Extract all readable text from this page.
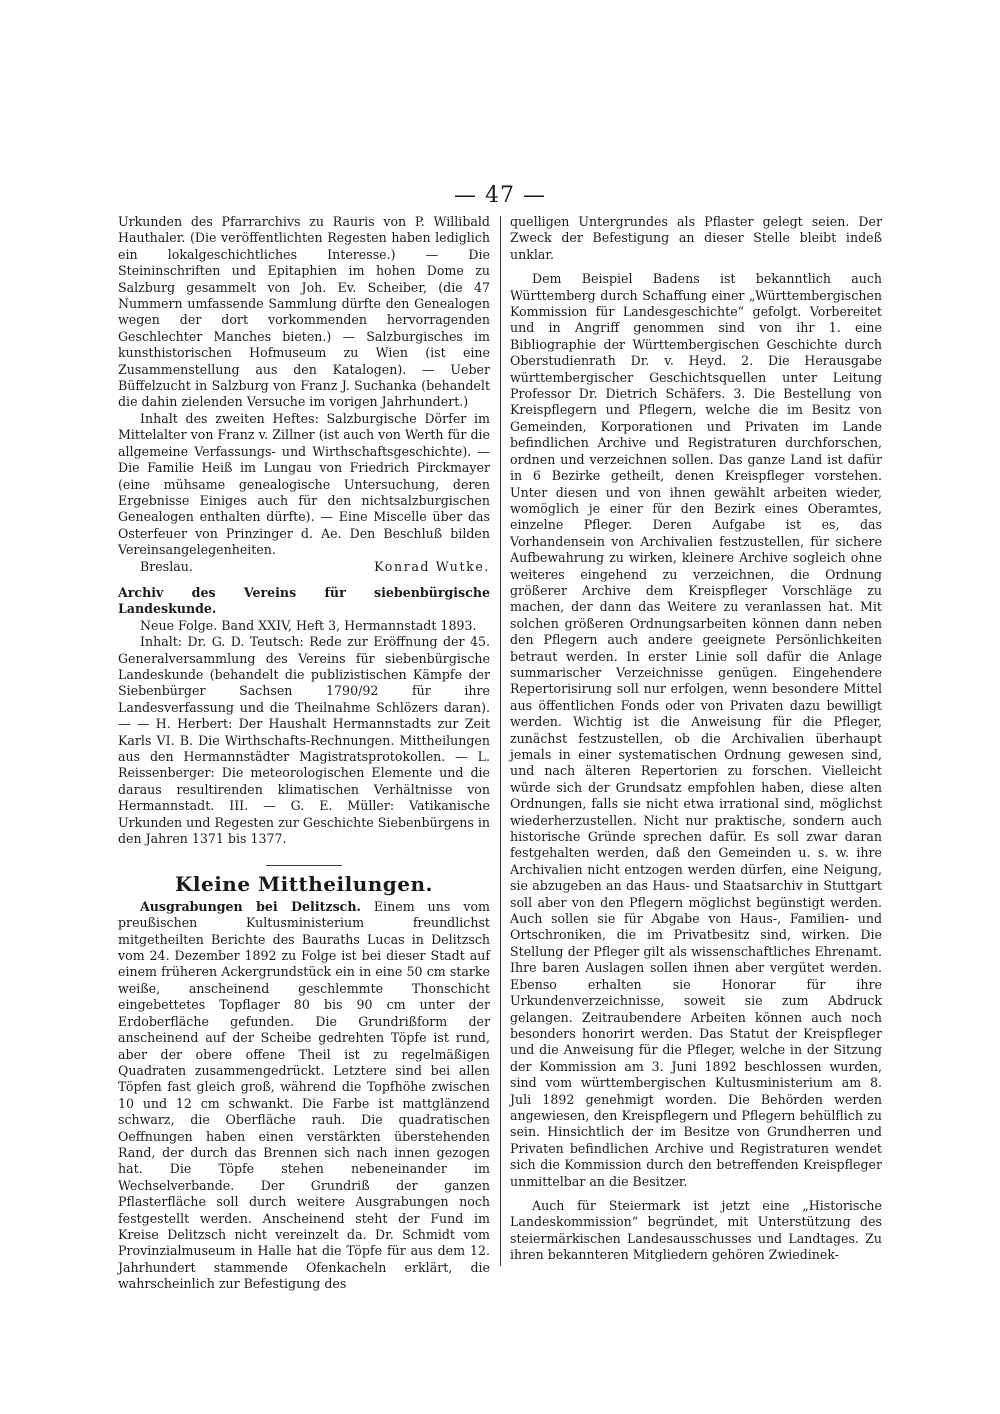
— 47 —

Urkunden des Pfarrarchivs zu Rauris von P. Willibald Hauthaler. (Die veröffentlichten Regesten haben lediglich ein lokalgeschichtliches Interesse.) — Die Steininschriften und Epitaphien im hohen Dome zu Salzburg gesammelt von Joh. Ev. Scheiber, (die 47 Nummern umfassende Sammlung dürfte den Genealogen wegen der dort vorkommenden hervorragenden Geschlechter Manches bieten.) — Salzburgisches im kunsthistorischen Hofmuseum zu Wien (ist eine Zusammenstellung aus den Katalogen). — Ueber Büffelzucht in Salzburg von Franz J. Suchanka (behandelt die dahin zielenden Versuche im vorigen Jahrhundert.)

Inhalt des zweiten Heftes: Salzburgische Dörfer im Mittelalter von Franz v. Zillner (ist auch von Werth für die allgemeine Verfassungs- und Wirthschaftsgeschichte). — Die Familie Heiß im Lungau von Friedrich Pirckmayer (eine mühsame genealogische Untersuchung, deren Ergebnisse Einiges auch für den nichtsalzburgischen Genealogen enthalten dürfte). — Eine Miscelle über das Osterfeuer von Prinzinger d. Ae. Den Beschluß bilden Vereinsangelegenheiten.

Breslau.	Konrad Wutke.

Archiv des Vereins für siebenbürgische Landeskunde.

Neue Folge. Band XXIV, Heft 3, Hermannstadt 1893.

Inhalt: Dr. G. D. Teutsch: Rede zur Eröffnung der 45. Generalversammlung des Vereins für siebenbürgische Landeskunde (behandelt die publizistischen Kämpfe der Siebenbürger Sachsen 1790/92 für ihre Landesverfassung und die Theilnahme Schlözers daran). — — H. Herbert: Der Haushalt Hermannstadts zur Zeit Karls VI. B. Die Wirthschafts-Rechnungen. Mittheilungen aus den Hermannstädter Magistratsprotokollen. — L. Reissenberger: Die meteorologischen Elemente und die daraus resultirenden klimatischen Verhältnisse von Hermannstadt. III. — G. E. Müller: Vatikanische Urkunden und Regesten zur Geschichte Siebenbürgens in den Jahren 1371 bis 1377.

Kleine Mittheilungen.

Ausgrabungen bei Delitzsch. Einem uns vom preußischen Kultusministerium freundlichst mitgetheilten Berichte des Bauraths Lucas in Delitzsch vom 24. Dezember 1892 zu Folge ist bei dieser Stadt auf einem früheren Ackergrundstück ein in eine 50 cm starke weiße, anscheinend geschlemmte Thonschicht eingebettetes Topflager 80 bis 90 cm unter der Erdoberfläche gefunden. Die Grundrißform der anscheinend auf der Scheibe gedrehten Töpfe ist rund, aber der obere offene Theil ist zu regelmäßigen Quadraten zusammengedrückt. Letztere sind bei allen Töpfen fast gleich groß, während die Topfhöhe zwischen 10 und 12 cm schwankt. Die Farbe ist mattglänzend schwarz, die Oberfläche rauh. Die quadratischen Oeffnungen haben einen verstärkten überstehenden Rand, der durch das Brennen sich nach innen gezogen hat. Die Töpfe stehen nebeneinander im Wechselverbande. Der Grundriß der ganzen Pflasterfläche soll durch weitere Ausgrabungen noch festgestellt werden. Anscheinend steht der Fund im Kreise Delitzsch nicht vereinzelt da. Dr. Schmidt vom Provinzialmuseum in Halle hat die Töpfe für aus dem 12. Jahrhundert stammende Ofenkacheln erklärt, die wahrscheinlich zur Befestigung des

quelligen Untergrundes als Pflaster gelegt seien. Der Zweck der Befestigung an dieser Stelle bleibt indeß unklar.

Dem Beispiel Badens ist bekanntlich auch Württemberg durch Schaffung einer „Württembergischen Kommission für Landesgeschichte“ gefolgt. Vorbereitet und in Angriff genommen sind von ihr 1. eine Bibliographie der Württembergischen Geschichte durch Oberstudienrath Dr. v. Heyd. 2. Die Herausgabe württembergischer Geschichtsquellen unter Leitung Professor Dr. Dietrich Schäfers. 3. Die Bestellung von Kreispflegern und Pflegern, welche die im Besitz von Gemeinden, Korporationen und Privaten im Lande befindlichen Archive und Registraturen durchforschen, ordnen und verzeichnen sollen. Das ganze Land ist dafür in 6 Bezirke getheilt, denen Kreispfleger vorstehen. Unter diesen und von ihnen gewählt arbeiten wieder, womöglich je einer für den Bezirk eines Oberamtes, einzelne Pfleger. Deren Aufgabe ist es, das Vorhandensein von Archivalien festzustellen, für sichere Aufbewahrung zu wirken, kleinere Archive sogleich ohne weiteres eingehend zu verzeichnen, die Ordnung größerer Archive dem Kreispfleger Vorschläge zu machen, der dann das Weitere zu veranlassen hat. Mit solchen größeren Ordnungsarbeiten können dann neben den Pflegern auch andere geeignete Persönlichkeiten betraut werden. In erster Linie soll dafür die Anlage summarischer Verzeichnisse genügen. Eingehendere Repertorisirung soll nur erfolgen, wenn besondere Mittel aus öffentlichen Fonds oder von Privaten dazu bewilligt werden. Wichtig ist die Anweisung für die Pfleger, zunächst festzustellen, ob die Archivalien überhaupt jemals in einer systematischen Ordnung gewesen sind, und nach älteren Repertorien zu forschen. Vielleicht würde sich der Grundsatz empfohlen haben, diese alten Ordnungen, falls sie nicht etwa irrational sind, möglichst wiederherzustellen. Nicht nur praktische, sondern auch historische Gründe sprechen dafür. Es soll zwar daran festgehalten werden, daß den Gemeinden u. s. w. ihre Archivalien nicht entzogen werden dürfen, eine Neigung, sie abzugeben an das Haus- und Staatsarchiv in Stuttgart soll aber von den Pflegern möglichst begünstigt werden. Auch sollen sie für Abgabe von Haus-, Familien- und Ortschroniken, die im Privatbesitz sind, wirken. Die Stellung der Pfleger gilt als wissenschaftliches Ehrenamt. Ihre baren Auslagen sollen ihnen aber vergütet werden. Ebenso erhalten sie Honorar für ihre Urkundenverzeichnisse, soweit sie zum Abdruck gelangen. Zeitraubendere Arbeiten können auch noch besonders honorirt werden. Das Statut der Kreispfleger und die Anweisung für die Pfleger, welche in der Sitzung der Kommission am 3. Juni 1892 beschlossen wurden, sind vom württembergischen Kultusministerium am 8. Juli 1892 genehmigt worden. Die Behörden werden angewiesen, den Kreispflegern und Pflegern behülflich zu sein. Hinsichtlich der im Besitze von Grundherren und Privaten befindlichen Archive und Registraturen wendet sich die Kommission durch den betreffenden Kreispfleger unmittelbar an die Besitzer.

Auch für Steiermark ist jetzt eine „Historische Landeskommission“ begründet, mit Unterstützung des steiermärkischen Landesausschusses und Landtages. Zu ihren bekannteren Mitgliedern gehören Zwiedinek-
